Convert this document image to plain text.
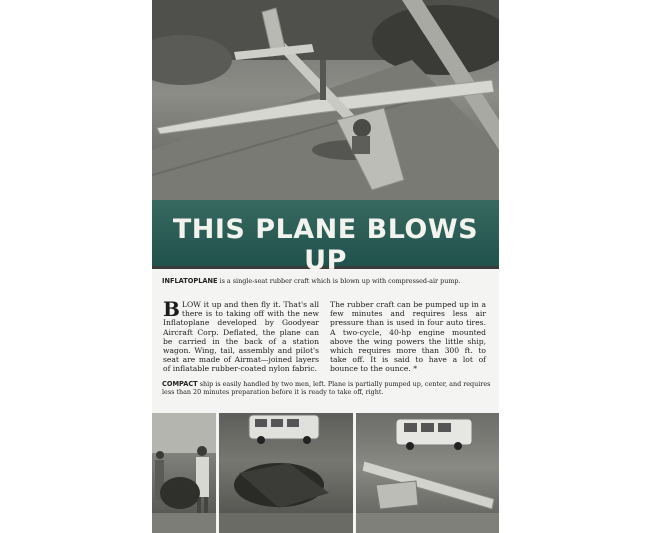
THIS PLANE BLOWS UP
INFLATOPLANE is a single-seat rubber craft which is blown up with compressed-air pump.
B LOW it up and then fly it. That's all there is to taking off with the new Inflatoplane developed by Goodyear Aircraft Corp. Deflated, the plane can be carried in the back of a station wagon. Wing, tail, assembly and pilot's seat are made of Airmat—joined layers of inflatable rubber-coated nylon fabric.
The rubber craft can be pumped up in a few minutes and requires less air pressure than is used in four auto tires. A two-cycle, 40-hp engine mounted above the wing powers the little ship, which requires more than 300 ft. to take off. It is said to have a lot of bounce to the ounce. *
COMPACT ship is easily handled by two men, left. Plane is partially pumped up, center, and requires less than 20 minutes preparation before it is ready to take off, right.
